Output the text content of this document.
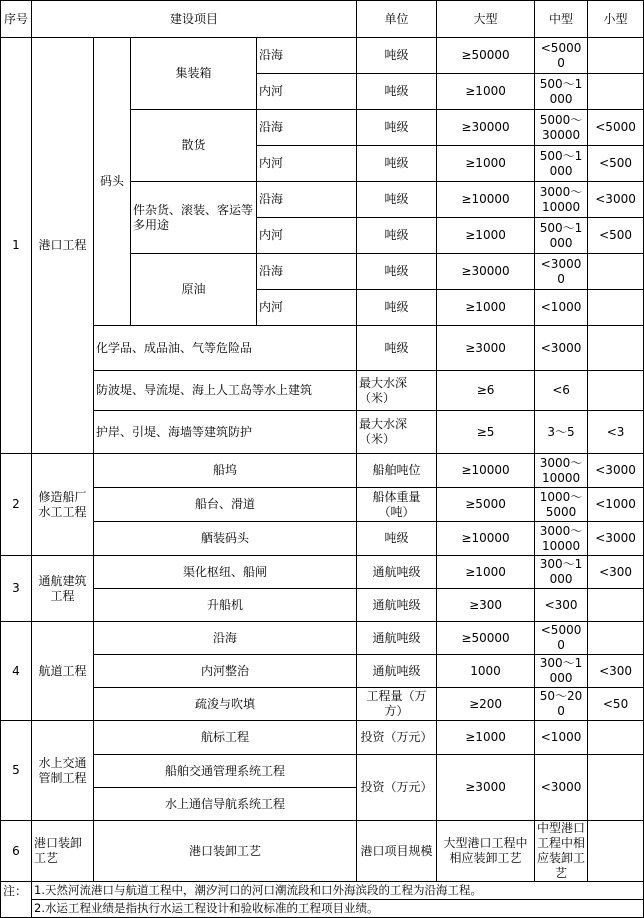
序号	建设项目				单位	大型	中型	小型	
1	港口工程	码头	集装箱	沿海	吨级	≥50000	<50000		
				内河	吨级	≥1000	500～1000		
			散货	沿海	吨级	≥30000	5000～30000	<5000	
				内河	吨级	≥1000	500～1000	<500	
			件杂货、滚装、客运等多用途	沿海	吨级	≥10000	3000～10000	<3000	
				内河	吨级	≥1000	500～1000	<500	
			原油	沿海	吨级	≥30000	<30000		
				内河	吨级	≥1000	<1000		
		化学品、成品油、气等危险品			吨级	≥3000	<3000		
		防波堤、导流堤、海上人工岛等水上建筑			最大水深（米）	≥6	<6		
		护岸、引堤、海墙等建筑防护			最大水深（米）	≥5	3～5	<3	
2	修造船厂水工工程	船坞			船舶吨位	≥10000	3000～10000	<3000	
		船台、滑道			船体重量（吨）	≥5000	1000～5000	<1000	
		舾装码头			吨级	≥10000	3000～10000	<3000	
3	通航建筑工程	渠化枢纽、船闸			通航吨级	≥1000	300～1000	<300	
		升船机			通航吨级	≥300	<300		
4	航道工程	沿海			通航吨级	≥50000	<50000		
		内河整治			通航吨级	1000	300～1000	<300	
		疏浚与吹填			工程量（万方）	≥200	50～200	<50	
5	水上交通管制工程	航标工程			投资（万元）	≥1000	<1000		
		船舶交通管理系统工程			投资（万元）	≥3000	<3000		
		水上通信导航系统工程							
6	港口装卸工艺	港口装卸工艺			港口项目规模	大型港口工程中相应装卸工艺	中型港口工程中相应装卸工艺		
注：	1.天然河流港口与航道工程中，潮汐河口的河口潮流段和口外海滨段的工程为沿海工程。								
	2.水运工程业绩是指执行水运工程设计和验收标准的工程项目业绩。								
